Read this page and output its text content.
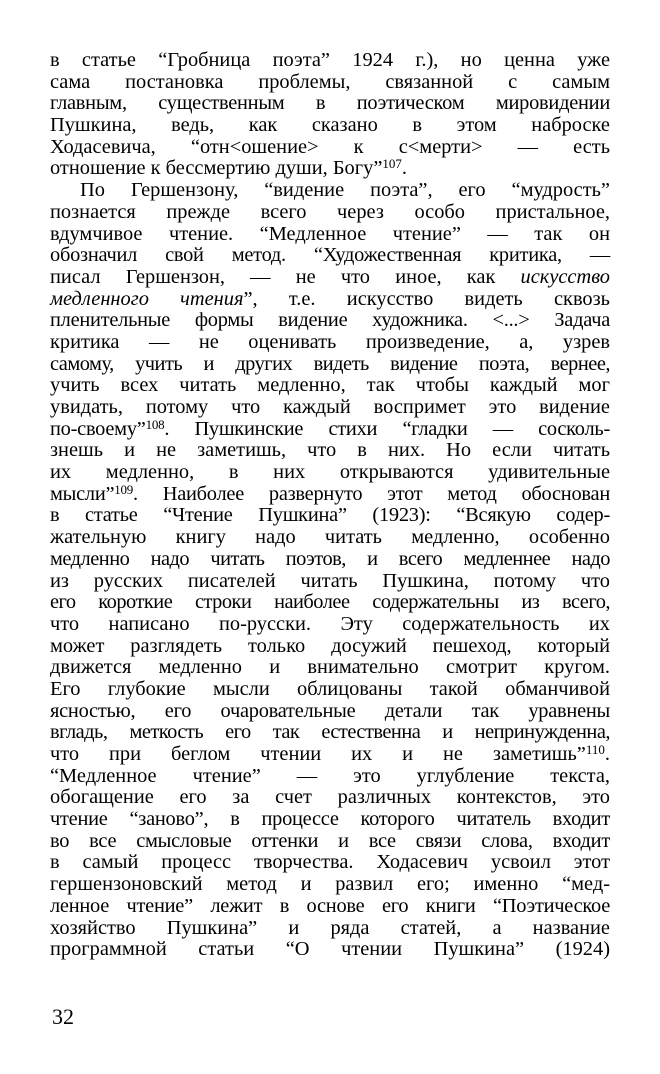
в статье “Гробница поэта” 1924 г.), но ценна уже
сама постановка проблемы, связанной с самым
главным, существенным в поэтическом мировидении
Пушкина, ведь, как сказано в этом наброске
Ходасевича, “отн<ошение> к с<мерти> — есть
отношение к бессмертию души, Богу”$^{107}$.
По Гершензону, “видение поэта”, его “мудрость”
познается прежде всего через особо пристальное,
вдумчивое чтение. “Медленное чтение” — так он
обозначил свой метод. “Художественная критика, —
писал Гершензон, — не что иное, как искусство
медленного чтения”, т.е. искусство видеть сквозь
пленительные формы видение художника. <...> Задача
критика — не оценивать произведение, а, узрев
самому, учить и других видеть видение поэта, вернее,
учить всех читать медленно, так чтобы каждый мог
увидать, потому что каждый воспримет это видение
по-своему”$^{108}$. Пушкинские стихи “гладки — сосколь-
знешь и не заметишь, что в них. Но если читать
их медленно, в них открываются удивительные
мысли”$^{109}$. Наиболее развернуто этот метод обоснован
в статье “Чтение Пушкина” (1923): “Всякую содер-
жательную книгу надо читать медленно, особенно
медленно надо читать поэтов, и всего медленнее надо
из русских писателей читать Пушкина, потому что
его короткие строки наиболее содержательны из всего,
что написано по-русски. Эту содержательность их
может разглядеть только досужий пешеход, который
движется медленно и внимательно смотрит кругом.
Его глубокие мысли облицованы такой обманчивой
ясностью, его очаровательные детали так уравнены
вгладь, меткость его так естественна и непринужденна,
что при беглом чтении их и не заметишь”$^{110}$.
“Медленное чтение” — это углубление текста,
обогащение его за счет различных контекстов, это
чтение “заново”, в процессе которого читатель входит
во все смысловые оттенки и все связи слова, входит
в самый процесс творчества. Ходасевич усвоил этот
гершензоновский метод и развил его; именно “мед-
ленное чтение” лежит в основе его книги “Поэтическое
хозяйство Пушкина” и ряда статей, а название
программной статьи “О чтении Пушкина” (1924)
32
